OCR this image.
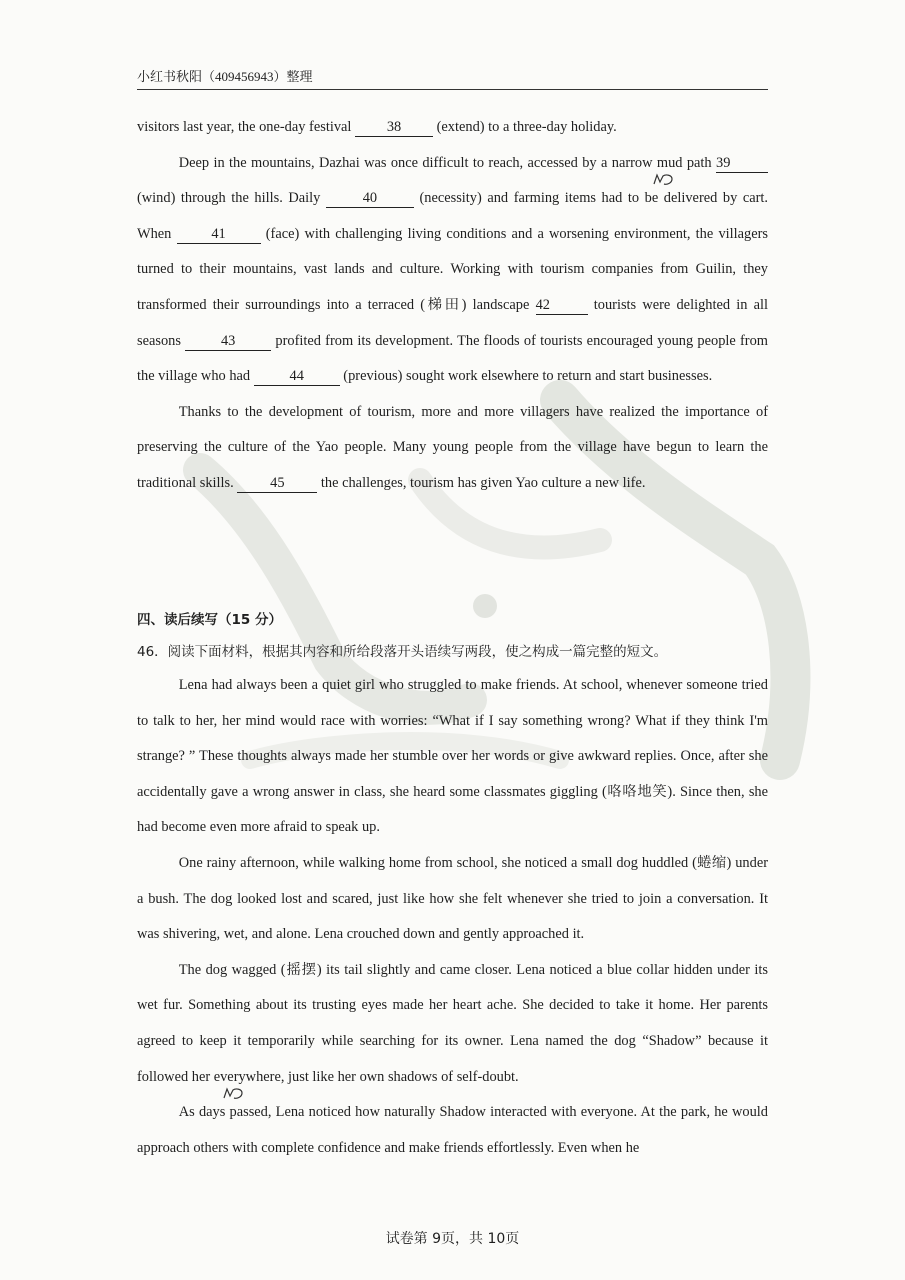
小红书秋阳（409456943）整理

visitors last year, the one-day festival 38 (extend) to a three-day holiday.

Deep in the mountains, Dazhai was once difficult to reach, accessed by a narrow mud path 39 (wind) through the hills. Daily	40	(necessity) and farming items had to be delivered by cart. When 41 (face) with challenging living conditions and a worsening environment, the villagers turned to their mountains, vast lands and culture. Working with tourism companies from Guilin, they transformed their surroundings into a terraced (梯田) landscape 42	tourists were delighted in all seasons 43 profited from its development. The floods of tourists encouraged young people from the village who had 44 (previous) sought work elsewhere to return and start businesses.

Thanks to the development of tourism, more and more villagers have realized the importance of preserving the culture of the Yao people. Many young people from the village have begun to learn the traditional skills. 45 the challenges, tourism has given Yao culture a new life.

四、读后续写（15 分）
46．阅读下面材料，根据其内容和所给段落开头语续写两段，使之构成一篇完整的短文。

Lena had always been a quiet girl who struggled to make friends. At school, whenever someone tried to talk to her, her mind would race with worries: “What if I say something wrong? What if they think I'm strange? ” These thoughts always made her stumble over her words or give awkward replies. Once, after she accidentally gave a wrong answer in class, she heard some classmates giggling (咯咯地笑). Since then, she had become even more afraid to speak up.

One rainy afternoon, while walking home from school, she noticed a small dog huddled (蜷缩) under a bush. The dog looked lost and scared, just like how she felt whenever she tried to join a conversation. It was shivering, wet, and alone. Lena crouched down and gently approached it.

The dog wagged (摇摆) its tail slightly and came closer. Lena noticed a blue collar hidden under its wet fur. Something about its trusting eyes made her heart ache. She decided to take it home. Her parents agreed to keep it temporarily while searching for its owner. Lena named the dog “Shadow” because it followed her everywhere, just like her own shadows of self-doubt.

As days passed, Lena noticed how naturally Shadow interacted with everyone. At the park, he would approach others with complete confidence and make friends effortlessly. Even when he

试卷第 9页，共 10页
